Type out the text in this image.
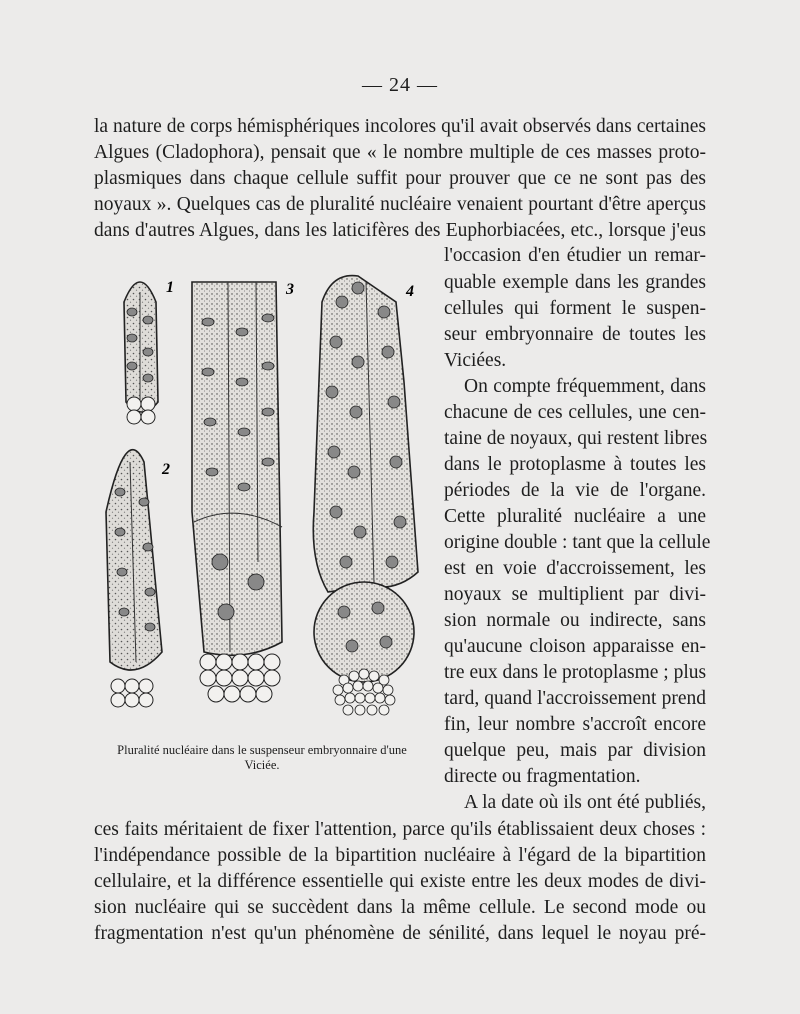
— 24 —
la nature de corps hémisphériques incolores qu'il avait observés dans certaines
Algues (Cladophora), pensait que « le nombre multiple de ces masses proto-
plasmiques dans chaque cellule suffit pour prouver que ce ne sont pas des
noyaux ». Quelques cas de pluralité nucléaire venaient pourtant d'être aperçus
dans d'autres Algues, dans les laticifères des Euphorbiacées, etc., lorsque j'eus
l'occasion d'en étudier un remar-
quable exemple dans les grandes
cellules qui forment le suspen-
seur embryonnaire de toutes les
Viciées.
On compte fréquemment, dans
chacune de ces cellules, une cen-
taine de noyaux, qui restent libres
dans le protoplasme à toutes les
périodes de la vie de l'organe.
Cette pluralité nucléaire a une
origine double : tant que la cellule
est en voie d'accroissement, les
noyaux se multiplient par divi-
sion normale ou indirecte, sans
qu'aucune cloison apparaisse en-
tre eux dans le protoplasme ; plus
tard, quand l'accroissement prend
fin, leur nombre s'accroît encore
quelque peu, mais par division
directe ou fragmentation.
A la date où ils ont été publiés,
ces faits méritaient de fixer l'attention, parce qu'ils établissaient deux choses :
l'indépendance possible de la bipartition nucléaire à l'égard de la bipartition
cellulaire, et la différence essentielle qui existe entre les deux modes de divi-
sion nucléaire qui se succèdent dans la même cellule. Le second mode ou
fragmentation n'est qu'un phénomène de sénilité, dans lequel le noyau pré-
1
2
3	4
Pluralité nucléaire dans le suspenseur embryonnaire d'une Viciée.
